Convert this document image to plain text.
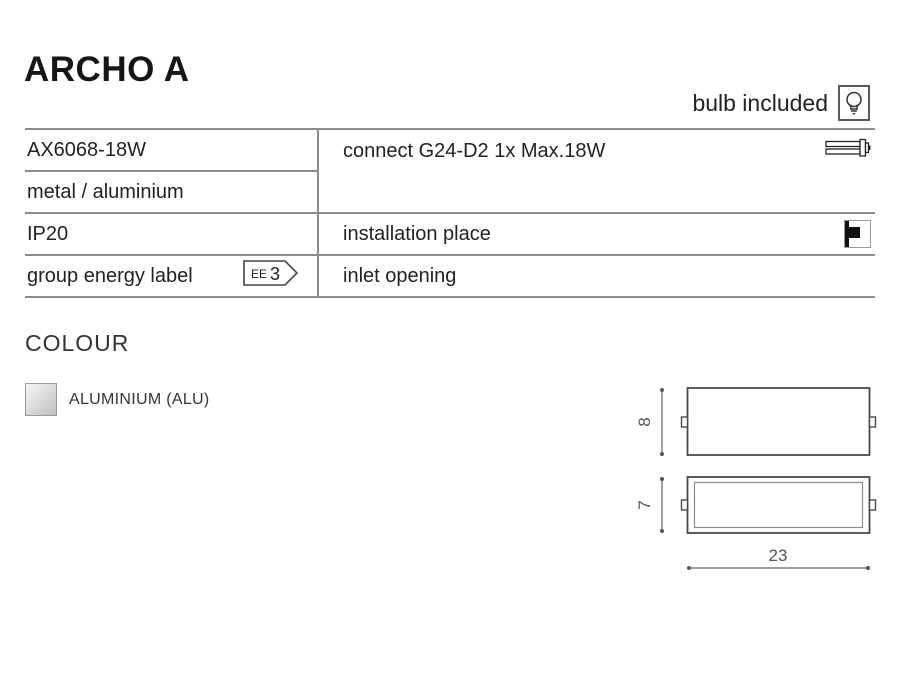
ARCHO A
bulb included
AX6068-18W
metal / aluminium
IP20
group energy label	EE 3
connect G24-D2 1x Max.18W
installation place
inlet opening
COLOUR
ALUMINIUM (ALU)
8
7
23
